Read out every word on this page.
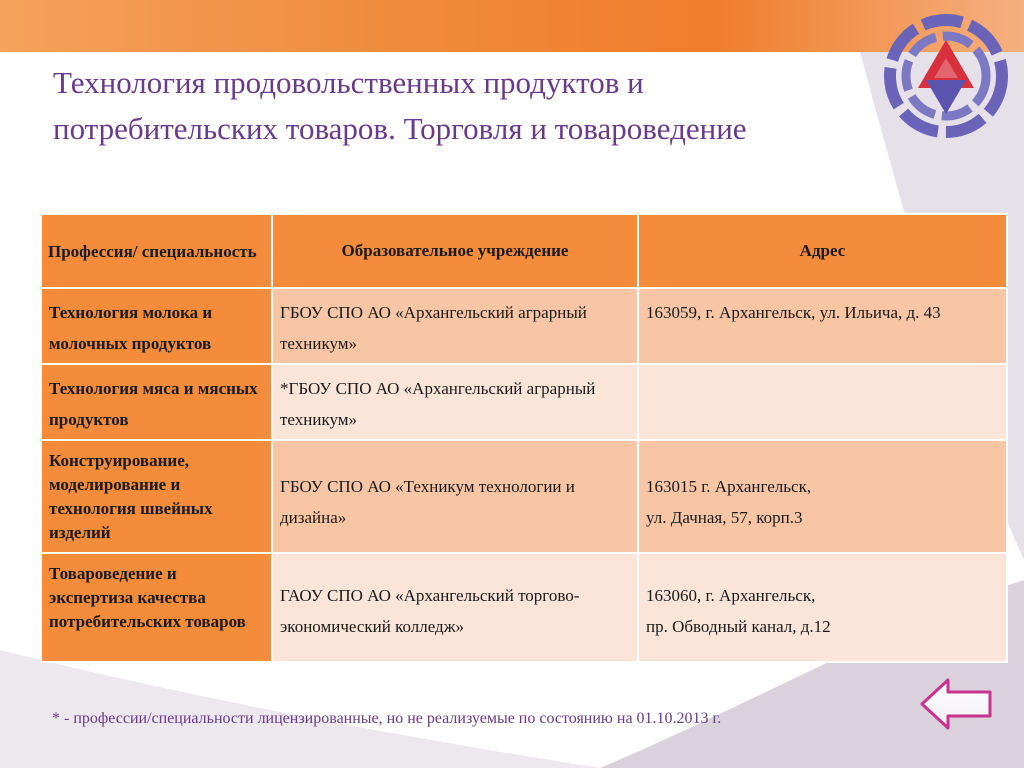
Технология продовольственных продуктов и потребительских товаров. Торговля и товароведение
Профессия/ специальность	Образовательное учреждение	Адрес
Технология молока и молочных продуктов	ГБОУ СПО АО «Архангельский аграрный техникум»	163059, г. Архангельск, ул. Ильича, д. 43
Технология мяса и мясных продуктов	*ГБОУ СПО АО «Архангельский аграрный техникум»	
Конструирование, моделирование и технология швейных изделий	ГБОУ СПО АО «Техникум технологии и дизайна»	163015 г. Архангельск,
ул. Дачная, 57, корп.3

Товароведение и экспертиза качества потребительских товаров	ГАОУ СПО АО «Архангельский торгово-экономический колледж»	163060, г. Архангельск,
пр. Обводный канал, д.12
* - профессии/специальности лицензированные, но не реализуемые по состоянию на 01.10.2013 г.
